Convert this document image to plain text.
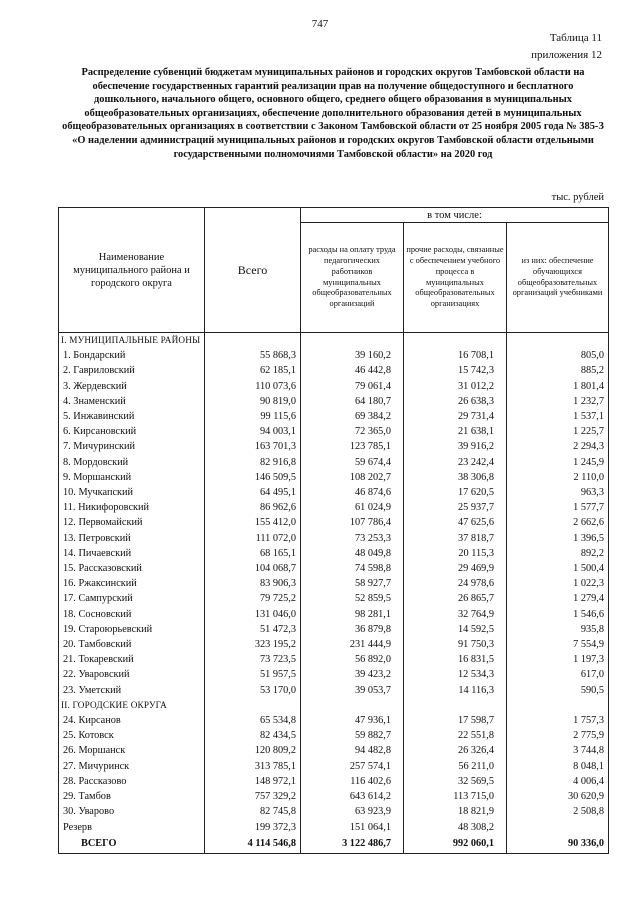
747
Таблица 11
приложения 12
Распределение субвенций бюджетам муниципальных районов и городских округов Тамбовской области на обеспечение государственных гарантий реализации прав на получение общедоступного и бесплатного дошкольного, начального общего, основного общего, среднего общего образования в муниципальных общеобразовательных организациях, обеспечение дополнительного образования детей в муниципальных общеобразовательных организациях в соответствии с Законом Тамбовской области от 25 ноября 2005 года № 385-З «О наделении администраций муниципальных районов и городских округов Тамбовской области отдельными государственными полномочиями Тамбовской области» на 2020 год
тыс. рублей
Наименование муниципального района и городского округа	Всего	в том числе:		
		расходы на оплату труда педагогических работников муниципальных общеобразовательных организаций	прочие расходы, связанные с обеспечением учебного процесса в муниципальных общеобразовательных организациях	из них: обеспечение обучающихся общеобразовательных организаций учебниками
I. МУНИЦИПАЛЬНЫЕ РАЙОНЫ				
1. Бондарский	55 868,3	39 160,2	16 708,1	805,0
2. Гавриловский	62 185,1	46 442,8	15 742,3	885,2
3. Жердевский	110 073,6	79 061,4	31 012,2	1 801,4
4. Знаменский	90 819,0	64 180,7	26 638,3	1 232,7
5. Инжавинский	99 115,6	69 384,2	29 731,4	1 537,1
6. Кирсановский	94 003,1	72 365,0	21 638,1	1 225,7
7. Мичуринский	163 701,3	123 785,1	39 916,2	2 294,3
8. Мордовский	82 916,8	59 674,4	23 242,4	1 245,9
9. Моршанский	146 509,5	108 202,7	38 306,8	2 110,0
10. Мучкапский	64 495,1	46 874,6	17 620,5	963,3
11. Никифоровский	86 962,6	61 024,9	25 937,7	1 577,7
12. Первомайский	155 412,0	107 786,4	47 625,6	2 662,6
13. Петровский	111 072,0	73 253,3	37 818,7	1 396,5
14. Пичаевский	68 165,1	48 049,8	20 115,3	892,2
15. Рассказовский	104 068,7	74 598,8	29 469,9	1 500,4
16. Ржаксинский	83 906,3	58 927,7	24 978,6	1 022,3
17. Сампурский	79 725,2	52 859,5	26 865,7	1 279,4
18. Сосновский	131 046,0	98 281,1	32 764,9	1 546,6
19. Староюрьевский	51 472,3	36 879,8	14 592,5	935,8
20. Тамбовский	323 195,2	231 444,9	91 750,3	7 554,9
21. Токаревский	73 723,5	56 892,0	16 831,5	1 197,3
22. Уваровский	51 957,5	39 423,2	12 534,3	617,0
23. Уметский	53 170,0	39 053,7	14 116,3	590,5
II. ГОРОДСКИЕ ОКРУГА				
24. Кирсанов	65 534,8	47 936,1	17 598,7	1 757,3
25. Котовск	82 434,5	59 882,7	22 551,8	2 775,9
26. Моршанск	120 809,2	94 482,8	26 326,4	3 744,8
27. Мичуринск	313 785,1	257 574,1	56 211,0	8 048,1
28. Рассказово	148 972,1	116 402,6	32 569,5	4 006,4
29. Тамбов	757 329,2	643 614,2	113 715,0	30 620,9
30. Уварово	82 745,8	63 923,9	18 821,9	2 508,8
Резерв	199 372,3	151 064,1	48 308,2	
ВСЕГО	4 114 546,8	3 122 486,7	992 060,1	90 336,0
